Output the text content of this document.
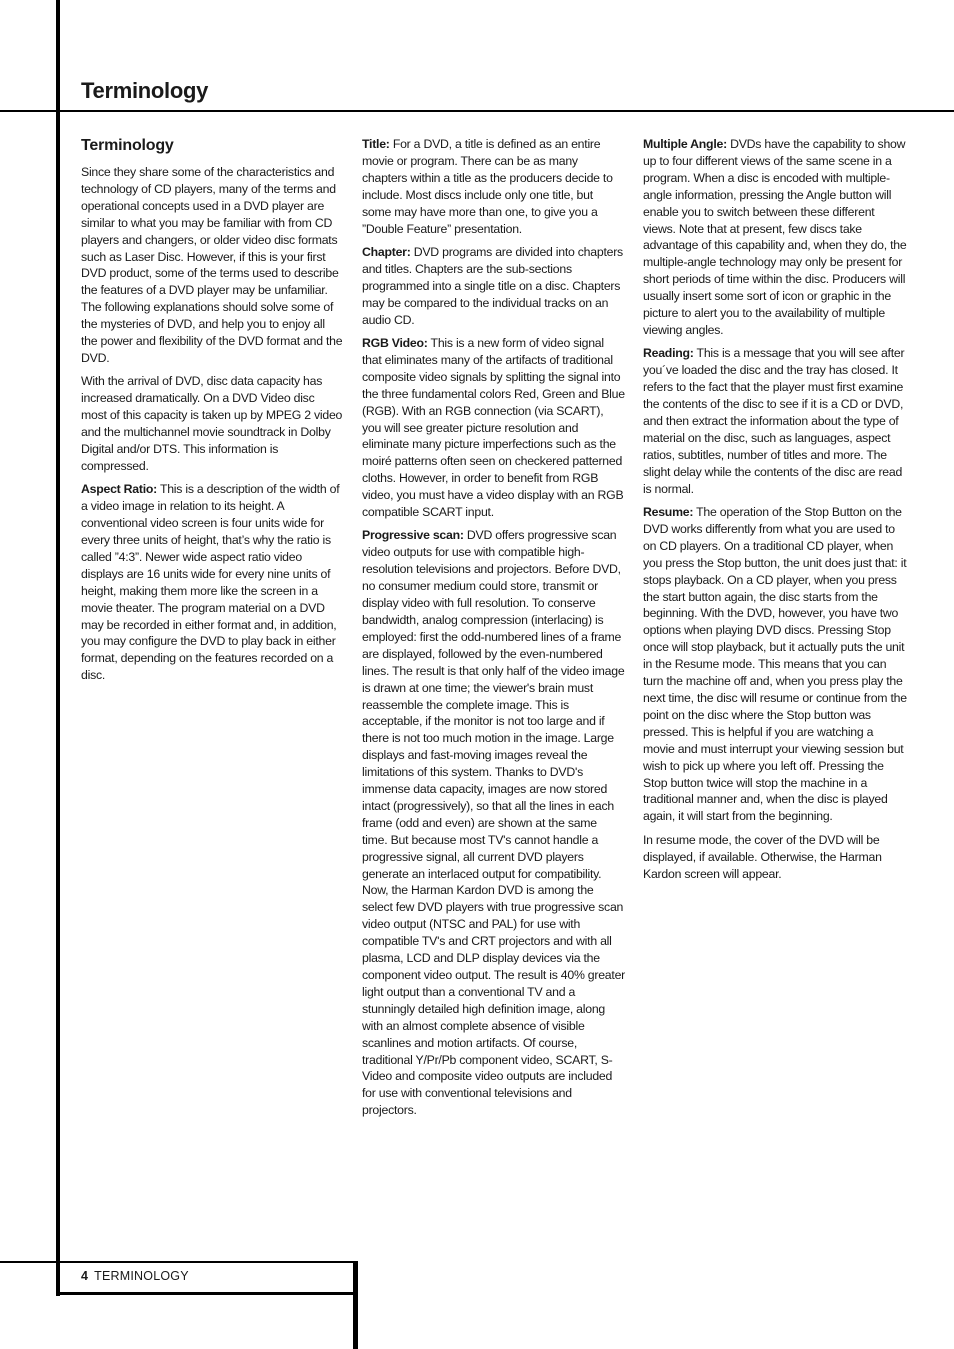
Terminology
Terminology

Since they share some of the characteristics and technology of CD players, many of the terms and operational concepts used in a DVD player are similar to what you may be familiar with from CD players and changers, or older video disc formats such as Laser Disc. However, if this is your first DVD product, some of the terms used to describe the features of a DVD player may be unfamiliar. The following explanations should solve some of the mysteries of DVD, and help you to enjoy all the power and flexibility of the DVD format and the DVD.

With the arrival of DVD, disc data capacity has increased dramatically. On a DVD Video disc most of this capacity is taken up by MPEG 2 video and the multichannel movie soundtrack in Dolby Digital and/or DTS. This information is compressed.

Aspect Ratio: This is a description of the width of a video image in relation to its height. A conventional video screen is four units wide for every three units of height, that’s why the ratio is called ”4:3”. Newer wide aspect ratio video displays are 16 units wide for every nine units of height, making them more like the screen in a movie theater. The program material on a DVD may be recorded in either format and, in addition, you may configure the DVD to play back in either format, depending on the features recorded on a disc.

Title: For a DVD, a title is defined as an entire movie or program. There can be as many chapters within a title as the producers decide to include. Most discs include only one title, but some may have more than one, to give you a ”Double Feature” presentation.

Chapter: DVD programs are divided into chapters and titles. Chapters are the sub-sections programmed into a single title on a disc. Chapters may be compared to the individual tracks on an audio CD.

RGB Video: This is a new form of video signal that eliminates many of the artifacts of traditional composite video signals by splitting the signal into the three fundamental colors Red, Green and Blue (RGB). With an RGB connection (via SCART), you will see greater picture resolution and eliminate many picture imperfections such as the moiré patterns often seen on checkered patterned cloths. However, in order to benefit from RGB video, you must have a video display with an RGB compatible SCART input.

Progressive scan: DVD offers progressive scan video outputs for use with compatible high-resolution televisions and projectors. Before DVD, no consumer medium could store, transmit or display video with full resolution. To conserve bandwidth, analog compression (interlacing) is employed: first the odd-numbered lines of a frame are displayed, followed by the even-numbered lines. The result is that only half of the video image is drawn at one time; the viewer's brain must reassemble the complete image. This is acceptable, if the monitor is not too large and if there is not too much motion in the image. Large displays and fast-moving images reveal the limitations of this system. Thanks to DVD's immense data capacity, images are now stored intact (progressively), so that all the lines in each frame (odd and even) are shown at the same time. But because most TV's cannot handle a progressive signal, all current DVD players generate an interlaced output for compatibility. Now, the Harman Kardon DVD is among the select few DVD players with true progressive scan video output (NTSC and PAL) for use with compatible TV's and CRT projectors and with all plasma, LCD and DLP display devices via the component video output. The result is 40% greater light output than a conventional TV and a stunningly detailed high definition image, along with an almost complete absence of visible scanlines and motion artifacts. Of course, traditional Y/Pr/Pb component video, SCART, S-Video and composite video outputs are included for use with conventional televisions and projectors.

Multiple Angle: DVDs have the capability to show up to four different views of the same scene in a program. When a disc is encoded with multiple-angle information, pressing the Angle button will enable you to switch between these different views. Note that at present, few discs take advantage of this capability and, when they do, the multiple-angle technology may only be present for short periods of time within the disc. Producers will usually insert some sort of icon or graphic in the picture to alert you to the availability of multiple viewing angles.

Reading: This is a message that you will see after you´ve loaded the disc and the tray has closed. It refers to the fact that the player must first examine the contents of the disc to see if it is a CD or DVD, and then extract the information about the type of material on the disc, such as languages, aspect ratios, subtitles, number of titles and more. The slight delay while the contents of the disc are read is normal.

Resume: The operation of the Stop Button on the DVD works differently from what you are used to on CD players. On a traditional CD player, when you press the Stop button, the unit does just that: it stops playback. On a CD player, when you press the start button again, the disc starts from the beginning. With the DVD, however, you have two options when playing DVD discs. Pressing Stop once will stop playback, but it actually puts the unit in the Resume mode. This means that you can turn the machine off and, when you press play the next time, the disc will resume or continue from the point on the disc where the Stop button was pressed. This is helpful if you are watching a movie and must interrupt your viewing session but wish to pick up where you left off. Pressing the Stop button twice will stop the machine in a traditional manner and, when the disc is played again, it will start from the beginning.

In resume mode, the cover of the DVD will be displayed, if available. Otherwise, the Harman Kardon screen will appear.

4 TERMINOLOGY
